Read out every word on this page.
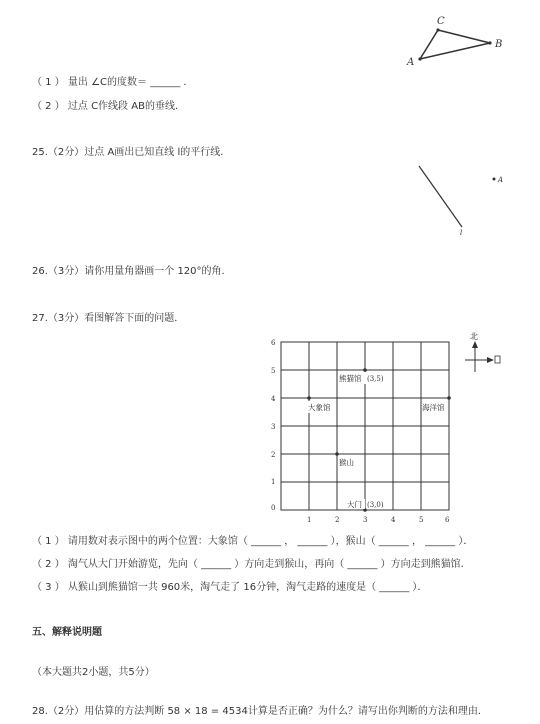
C
B
A
（ 1 ） 量出 ∠C的度数＝ ______ ．
（ 2 ） 过点 C作线段 AB的垂线．
25.（2分）过点 A画出已知直线 l的平行线．
l
A
26.（3分）请你用量角器画一个 120°的角．
27.（3分）看图解答下面的问题．
0
1
2
3
4
5
6
1	2	3	4	5	6
熊猫馆 (3,5)
大象馆	海洋馆
猴山
大门 (3,0)
北
（ 1 ） 请用数对表示图中的两个位置：大象馆（ ______ ， ______ ），猴山（ ______ ， ______ ）．
（ 2 ） 淘气从大门开始游览，先向（ ______ ）方向走到猴山，再向（ ______ ）方向走到熊猫馆．
（ 3 ） 从猴山到熊猫馆一共 960米，淘气走了 16分钟，淘气走路的速度是（ ______ ）．
五、解释说明题
（本大题共2小题，共5分）
28.（2分）用估算的方法判断 58 × 18 = 4534计算是否正确？为什么？请写出你判断的方法和理由．
